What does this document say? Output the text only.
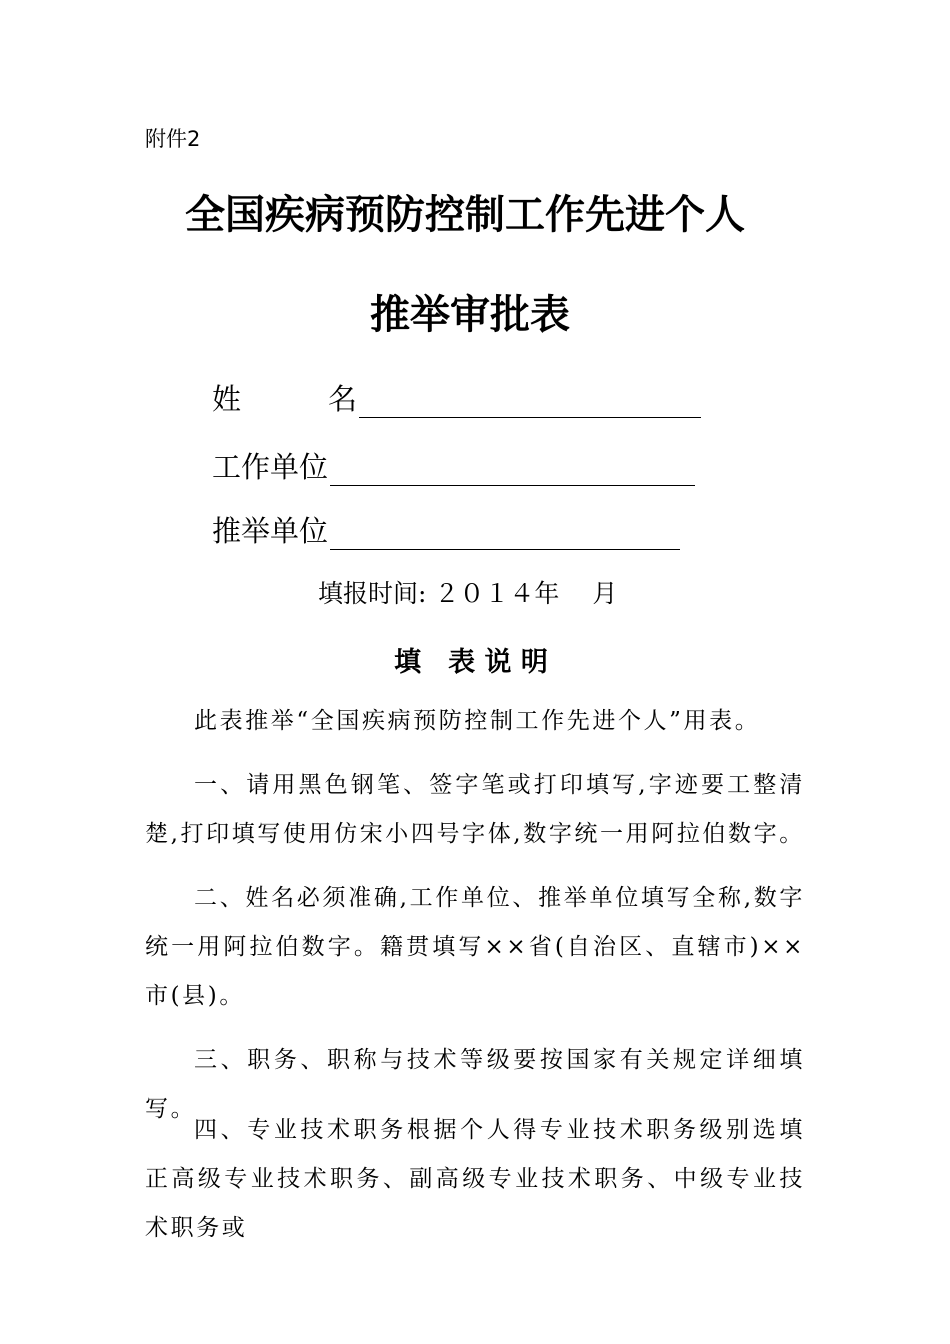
附件2
全国疾病预防控制工作先进个人
推举审批表
姓　　　名
工作单位
推举单位
填报时间: ２０１４年　 月
填　表 说 明

此表推举“全国疾病预防控制工作先进个人”用表。

一、请用黑色钢笔、签字笔或打印填写,字迹要工整清楚,打印填写使用仿宋小四号字体,数字统一用阿拉伯数字。

二、姓名必须准确,工作单位、推举单位填写全称,数字统一用阿拉伯数字。籍贯填写××省(自治区、直辖市)××市(县)。

三、职务、职称与技术等级要按国家有关规定详细填写。

四、专业技术职务根据个人得专业技术职务级别选填正高级专业技术职务、副高级专业技术职务、中级专业技术职务或
